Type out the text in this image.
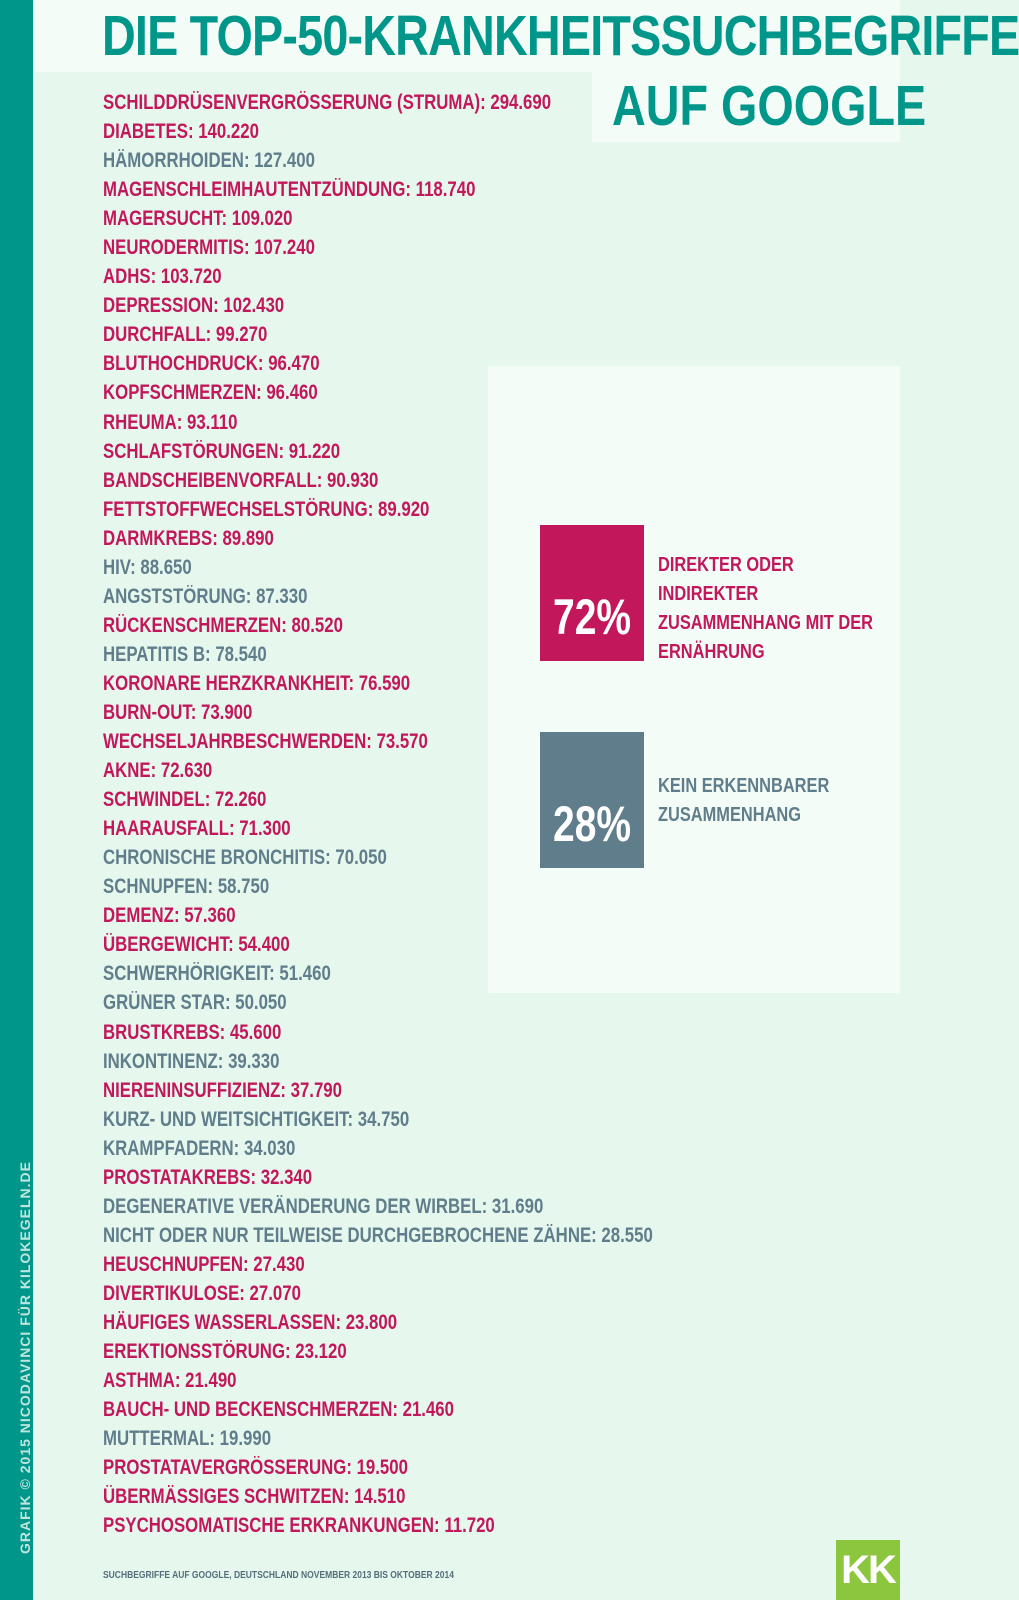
GRAFIK © 2015 NICODAVINCI FÜR KILOKEGELN.DE
DIE TOP-50-KRANKHEITSSUCHBEGRIFFE
AUF GOOGLE
SCHILDDRÜSENVERGRÖSSERUNG (STRUMA): 294.690
DIABETES: 140.220
HÄMORRHOIDEN: 127.400
MAGENSCHLEIMHAUTENTZÜNDUNG: 118.740
MAGERSUCHT: 109.020
NEURODERMITIS: 107.240
ADHS: 103.720
DEPRESSION: 102.430
DURCHFALL: 99.270
BLUTHOCHDRUCK: 96.470
KOPFSCHMERZEN: 96.460
RHEUMA: 93.110
SCHLAFSTÖRUNGEN: 91.220
BANDSCHEIBENVORFALL: 90.930
FETTSTOFFWECHSELSTÖRUNG: 89.920
DARMKREBS: 89.890
HIV: 88.650
ANGSTSTÖRUNG: 87.330
RÜCKENSCHMERZEN: 80.520
HEPATITIS B: 78.540
KORONARE HERZKRANKHEIT: 76.590
BURN-OUT: 73.900
WECHSELJAHRBESCHWERDEN: 73.570
AKNE: 72.630
SCHWINDEL: 72.260
HAARAUSFALL: 71.300
CHRONISCHE BRONCHITIS: 70.050
SCHNUPFEN: 58.750
DEMENZ: 57.360
ÜBERGEWICHT: 54.400
SCHWERHÖRIGKEIT: 51.460
GRÜNER STAR: 50.050
BRUSTKREBS: 45.600
INKONTINENZ: 39.330
NIERENINSUFFIZIENZ: 37.790
KURZ- UND WEITSICHTIGKEIT: 34.750
KRAMPFADERN: 34.030
PROSTATAKREBS: 32.340
DEGENERATIVE VERÄNDERUNG DER WIRBEL: 31.690
NICHT ODER NUR TEILWEISE DURCHGEBROCHENE ZÄHNE: 28.550
HEUSCHNUPFEN: 27.430
DIVERTIKULOSE: 27.070
HÄUFIGES WASSERLASSEN: 23.800
EREKTIONSSTÖRUNG: 23.120
ASTHMA: 21.490
BAUCH- UND BECKENSCHMERZEN: 21.460
MUTTERMAL: 19.990
PROSTATAVERGRÖSSERUNG: 19.500
ÜBERMÄSSIGES SCHWITZEN: 14.510
PSYCHOSOMATISCHE ERKRANKUNGEN: 11.720
72%
DIREKTER ODER INDIREKTER ZUSAMMENHANG MIT DER ERNÄHRUNG
28%
KEIN ERKENNBARER ZUSAMMENHANG
SUCHBEGRIFFE AUF GOOGLE, DEUTSCHLAND NOVEMBER 2013 BIS OKTOBER 2014	KK
